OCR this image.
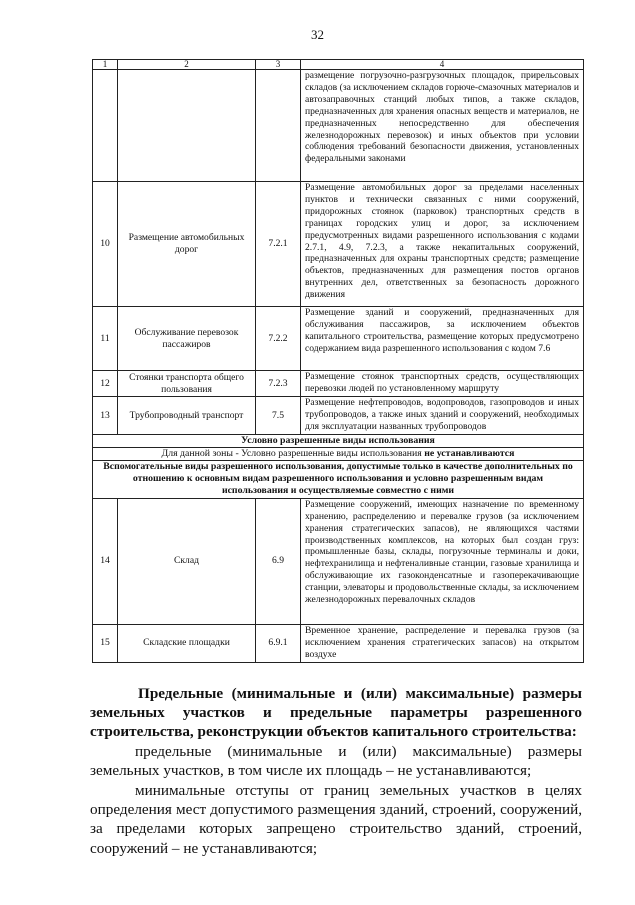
32
1	2	3	4
			размещение погрузочно-разгрузочных площадок, прирельсовых складов (за исключением складов горюче-смазочных материалов и автозаправочных станций любых типов, а также складов, предназначенных для хранения опасных веществ и материалов, не предназначенных непосредственно для обеспечения железнодорожных перевозок) и иных объектов при условии соблюдения требований безопасности движения, установленных федеральными законами
10	Размещение автомобильных дорог	7.2.1	Размещение автомобильных дорог за пределами населенных пунктов и технически связанных с ними сооружений, придорожных стоянок (парковок) транспортных средств в границах городских улиц и дорог, за исключением предусмотренных видами разрешенного использования с кодами 2.7.1, 4.9, 7.2.3, а также некапитальных сооружений, предназначенных для охраны транспортных средств; размещение объектов, предназначенных для размещения постов органов внутренних дел, ответственных за безопасность дорожного движения
11	Обслуживание перевозок пассажиров	7.2.2	Размещение зданий и сооружений, предназначенных для обслуживания пассажиров, за исключением объектов капитального строительства, размещение которых предусмотрено содержанием вида разрешенного использования с кодом 7.6
12	Стоянки транспорта общего пользования	7.2.3	Размещение стоянок транспортных средств, осуществляющих перевозки людей по установленному маршруту
13	Трубопроводный транспорт	7.5	Размещение нефтепроводов, водопроводов, газопроводов и иных трубопроводов, а также иных зданий и сооружений, необходимых для эксплуатации названных трубопроводов
Условно разрешенные виды использования			
Для данной зоны - Условно разрешенные виды использования не устанавливаются			
Вспомогательные виды разрешенного использования, допустимые только в качестве дополнительных по отношению к основным видам разрешенного использования и условно разрешенным видам использования и осуществляемые совместно с ними			
14	Склад	6.9	Размещение сооружений, имеющих назначение по временному хранению, распределению и перевалке грузов (за исключением хранения стратегических запасов), не являющихся частями производственных комплексов, на которых был создан груз: промышленные базы, склады, погрузочные терминалы и доки, нефтехранилища и нефтеналивные станции, газовые хранилища и обслуживающие их газоконденсатные и газоперекачивающие станции, элеваторы и продовольственные склады, за исключением железнодорожных перевалочных складов
15	Складские площадки	6.9.1	Временное хранение, распределение и перевалка грузов (за исключением хранения стратегических запасов) на открытом воздухе
Предельные (минимальные и (или) максимальные) размеры земельных участков и предельные параметры разрешенного строительства, реконструкции объектов капитального строительства:
предельные (минимальные и (или) максимальные) размеры земельных участков, в том числе их площадь – не устанавливаются;
минимальные отступы от границ земельных участков в целях определения мест допустимого размещения зданий, строений, сооружений, за пределами которых запрещено строительство зданий, строений, сооружений – не устанавливаются;
